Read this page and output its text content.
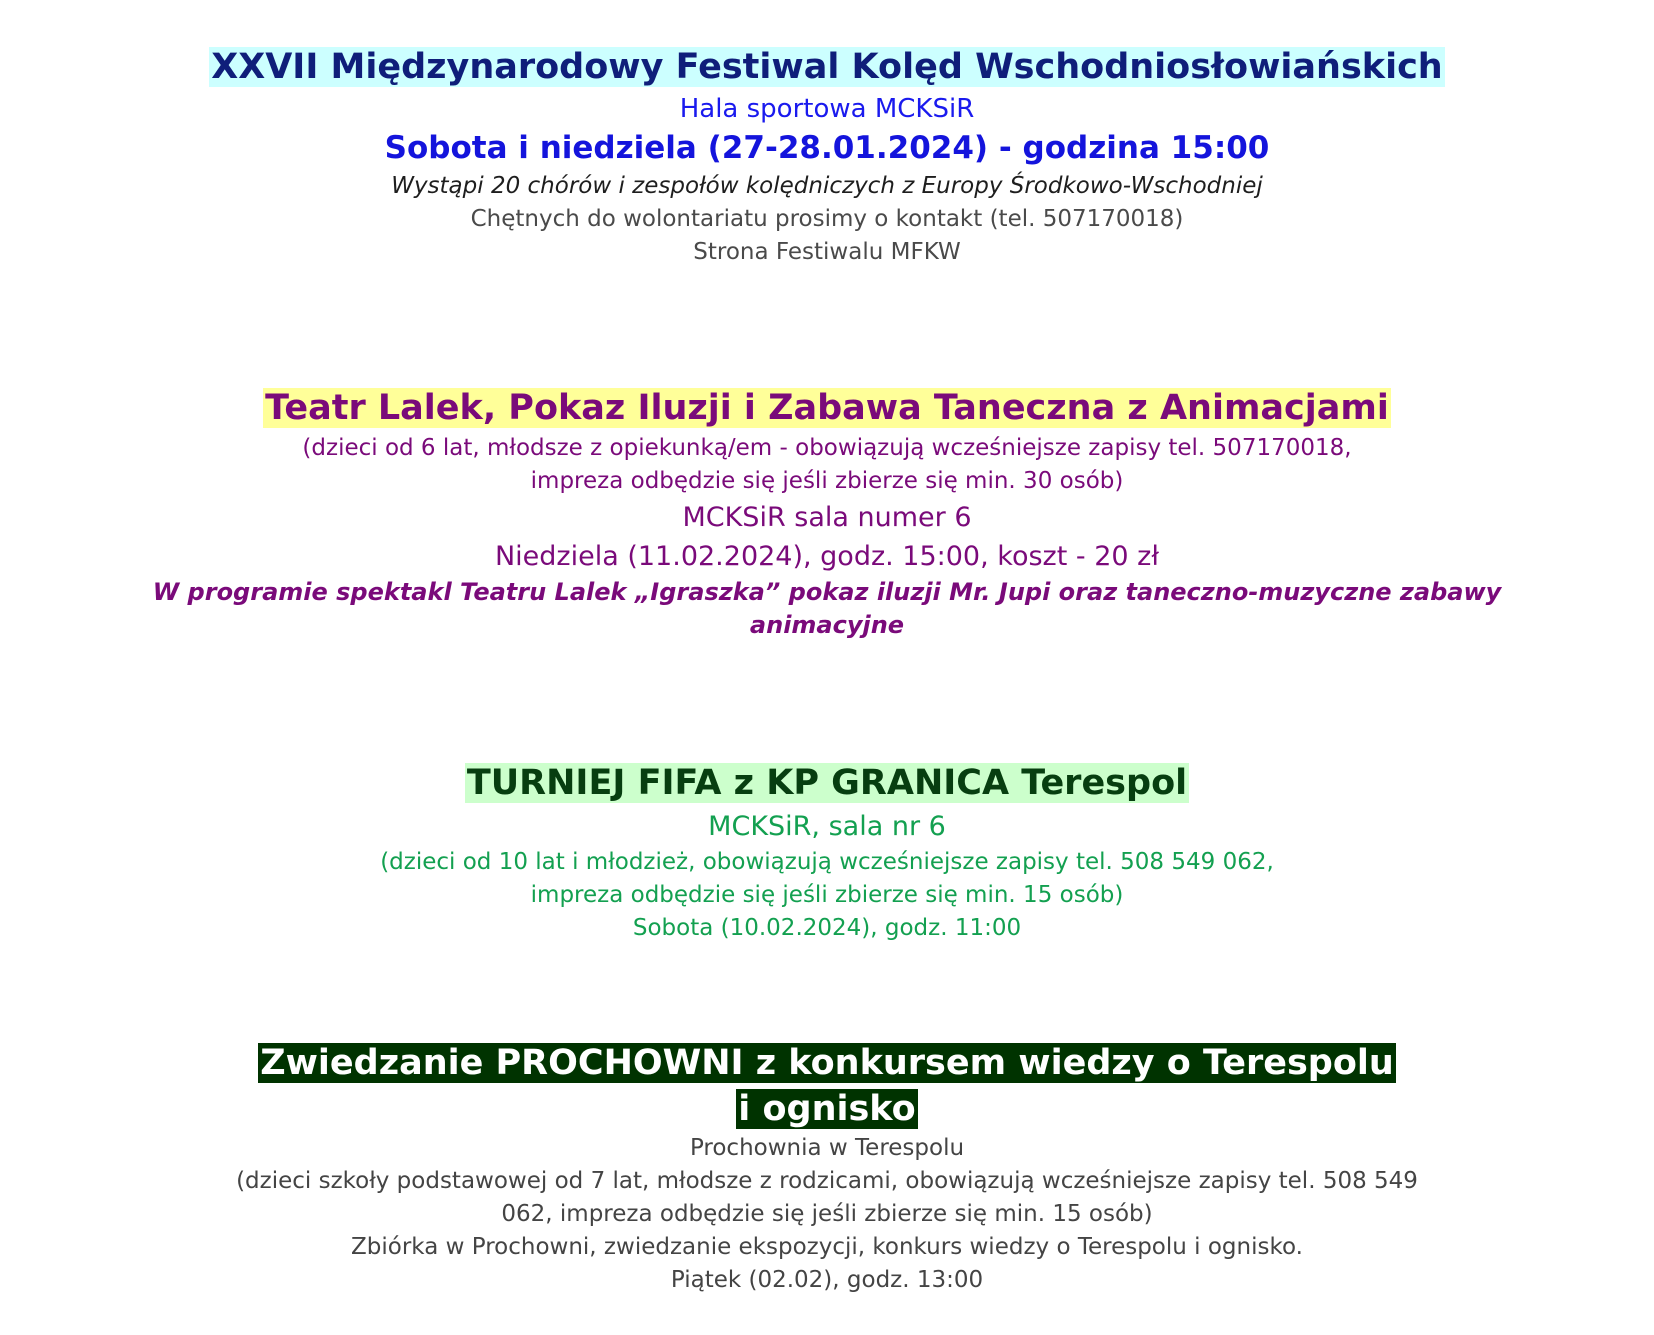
XXVII Międzynarodowy Festiwal Kolęd Wschodniosłowiańskich
Hala sportowa MCKSiR
Sobota i niedziela (27-28.01.2024) - godzina 15:00
Wystąpi 20 chórów i zespołów kolędniczych z Europy Środkowo-Wschodniej
Chętnych do wolontariatu prosimy o kontakt (tel. 507170018)
Strona Festiwalu MFKW
Teatr Lalek, Pokaz Iluzji i Zabawa Taneczna z Animacjami
(dzieci od 6 lat, młodsze z opiekunką/em - obowiązują wcześniejsze zapisy tel. 507170018,
impreza odbędzie się jeśli zbierze się min. 30 osób)
MCKSiR sala numer 6
Niedziela (11.02.2024), godz. 15:00, koszt - 20 zł
W programie spektakl Teatru Lalek „Igraszka” pokaz iluzji Mr. Jupi oraz taneczno-muzyczne zabawy
animacyjne
TURNIEJ FIFA z KP GRANICA Terespol
MCKSiR, sala nr 6
(dzieci od 10 lat i młodzież, obowiązują wcześniejsze zapisy tel. 508 549 062,
impreza odbędzie się jeśli zbierze się min. 15 osób)
Sobota (10.02.2024), godz. 11:00
Zwiedzanie PROCHOWNI z konkursem wiedzy o Terespolu
i ognisko
Prochownia w Terespolu
(dzieci szkoły podstawowej od 7 lat, młodsze z rodzicami, obowiązują wcześniejsze zapisy tel. 508 549
062, impreza odbędzie się jeśli zbierze się min. 15 osób)
Zbiórka w Prochowni, zwiedzanie ekspozycji, konkurs wiedzy o Terespolu i ognisko.
Piątek (02.02), godz. 13:00
